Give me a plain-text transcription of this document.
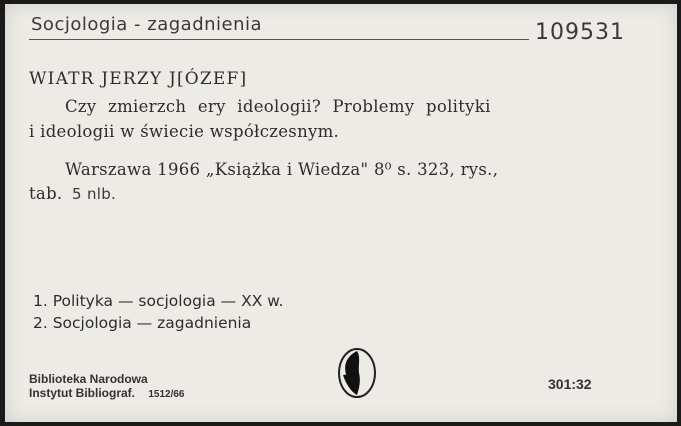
Socjologia - zagadnienia	109531
WIATR JERZY J[ÓZEF]
Czy zmierzch ery ideologii? Problemy polityki
i ideologii w świecie współczesnym.
Warszawa 1966 „Książka i Wiedza" 8⁰ s. 323, rys.,
tab. 5 nlb.
1. Polityka — socjologia — XX w.
2. Socjologia — zagadnienia
Biblioteka Narodowa
Instytut Bibliograf. 1512/66
301:32
